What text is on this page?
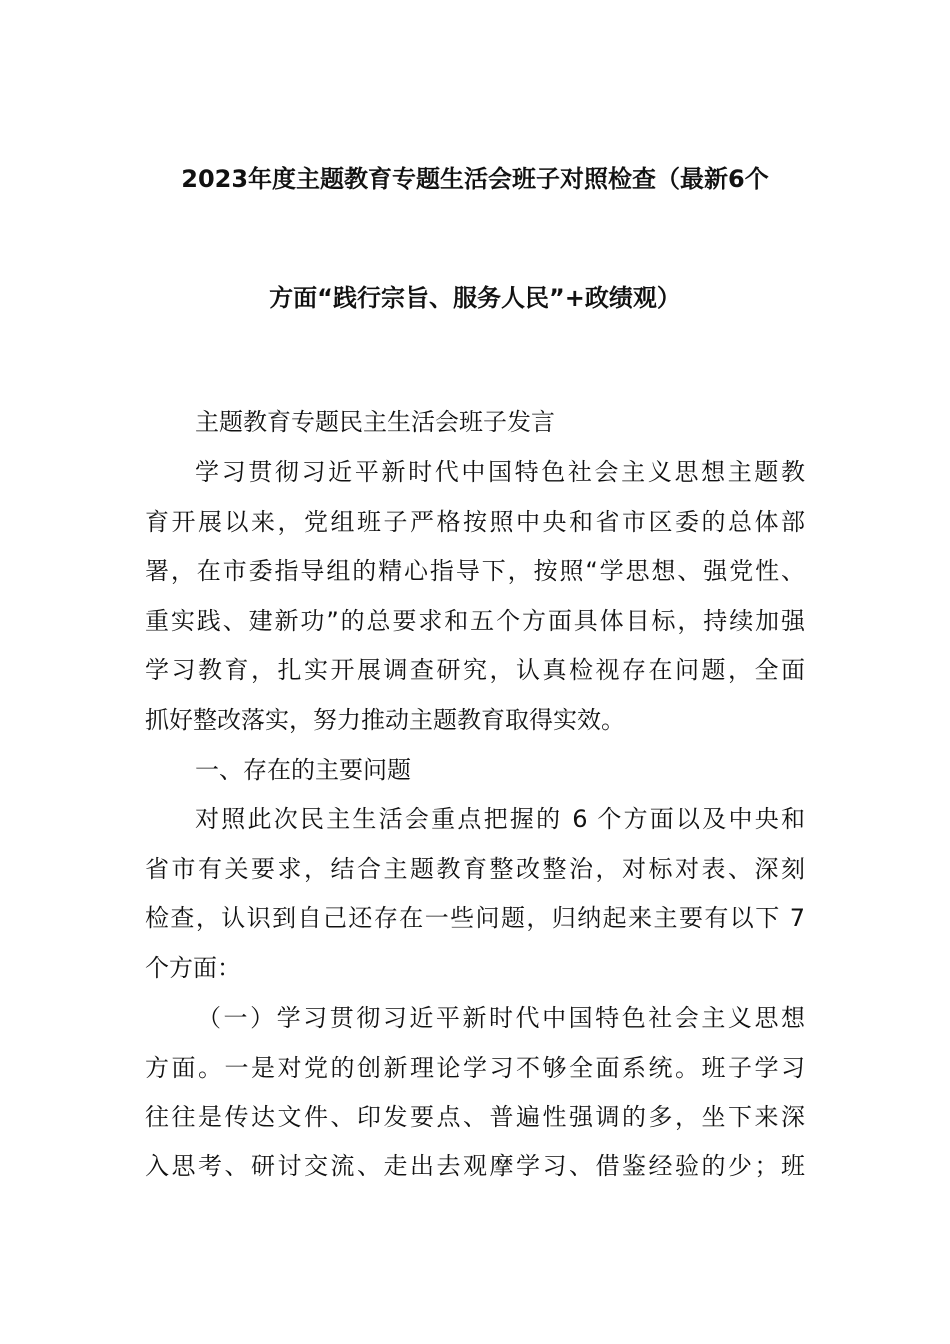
2023年度主题教育专题生活会班子对照检查（最新6个
方面“践行宗旨、服务人民”+政绩观）
主题教育专题民主生活会班子发言
学习贯彻习近平新时代中国特色社会主义思想主题教
育开展以来，党组班子严格按照中央和省市区委的总体部
署，在市委指导组的精心指导下，按照“学思想、强党性、
重实践、建新功”的总要求和五个方面具体目标，持续加强
学习教育，扎实开展调查研究，认真检视存在问题，全面
抓好整改落实，努力推动主题教育取得实效。
一、存在的主要问题
对照此次民主生活会重点把握的 6 个方面以及中央和
省市有关要求，结合主题教育整改整治，对标对表、深刻
检查，认识到自己还存在一些问题，归纳起来主要有以下 7
个方面：
（一）学习贯彻习近平新时代中国特色社会主义思想
方面。一是对党的创新理论学习不够全面系统。班子学习
往往是传达文件、印发要点、普遍性强调的多，坐下来深
入思考、研讨交流、走出去观摩学习、借鉴经验的少；班
